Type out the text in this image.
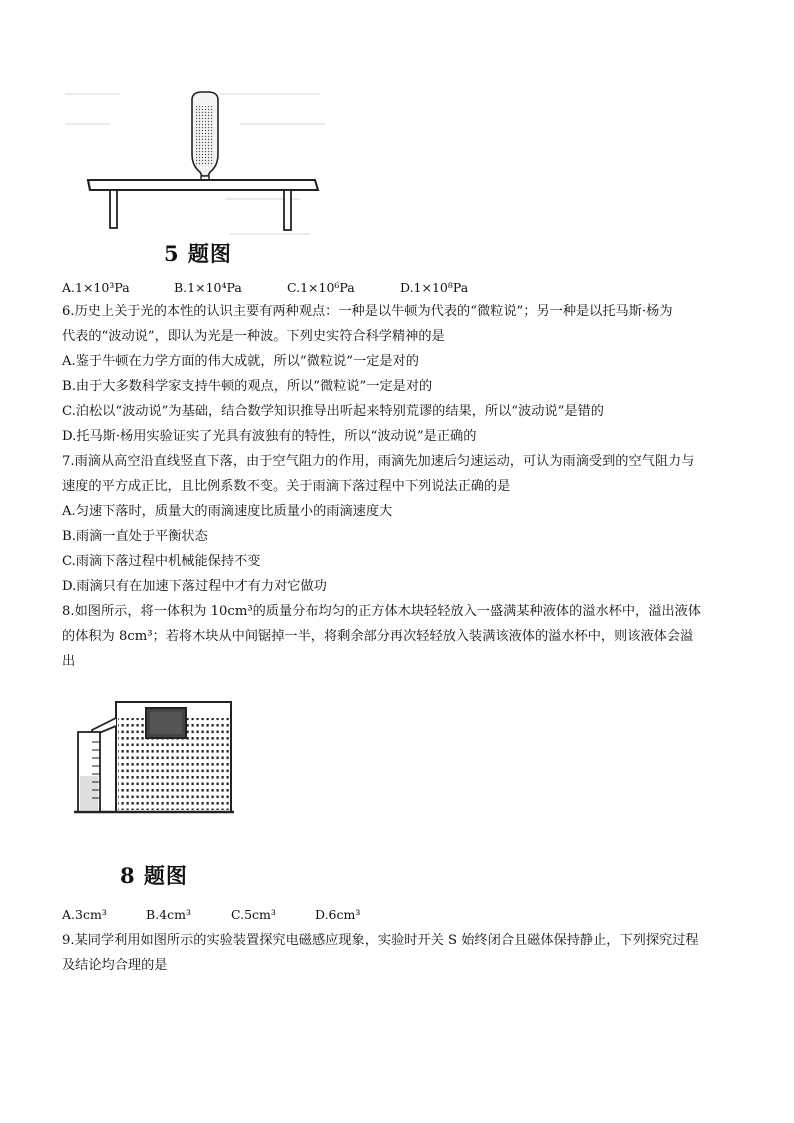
5 题图
A.1×10³Pa	B.1×10⁴Pa	C.1×10⁶Pa	D.1×10⁸Pa
6.历史上关于光的本性的认识主要有两种观点：一种是以牛顿为代表的“微粒说”；另一种是以托马斯·杨为
代表的“波动说”，即认为光是一种波。下列史实符合科学精神的是
A.鉴于牛顿在力学方面的伟大成就，所以“微粒说”一定是对的
B.由于大多数科学家支持牛顿的观点，所以“微粒说”一定是对的
C.泊松以“波动说”为基础，结合数学知识推导出听起来特别荒谬的结果，所以“波动说”是错的
D.托马斯·杨用实验证实了光具有波独有的特性，所以“波动说”是正确的
7.雨滴从高空沿直线竖直下落，由于空气阻力的作用，雨滴先加速后匀速运动，可认为雨滴受到的空气阻力与
速度的平方成正比，且比例系数不变。关于雨滴下落过程中下列说法正确的是
A.匀速下落时，质量大的雨滴速度比质量小的雨滴速度大
B.雨滴一直处于平衡状态
C.雨滴下落过程中机械能保持不变
D.雨滴只有在加速下落过程中才有力对它做功
8.如图所示，将一体积为 10cm³的质量分布均匀的正方体木块轻轻放入一盛满某种液体的溢水杯中，溢出液体
的体积为 8cm³；若将木块从中间锯掉一半，将剩余部分再次轻轻放入装满该液体的溢水杯中，则该液体会溢
出
8 题图
A.3cm³	B.4cm³	C.5cm³	D.6cm³
9.某同学利用如图所示的实验装置探究电磁感应现象，实验时开关 S 始终闭合且磁体保持静止，下列探究过程
及结论均合理的是
